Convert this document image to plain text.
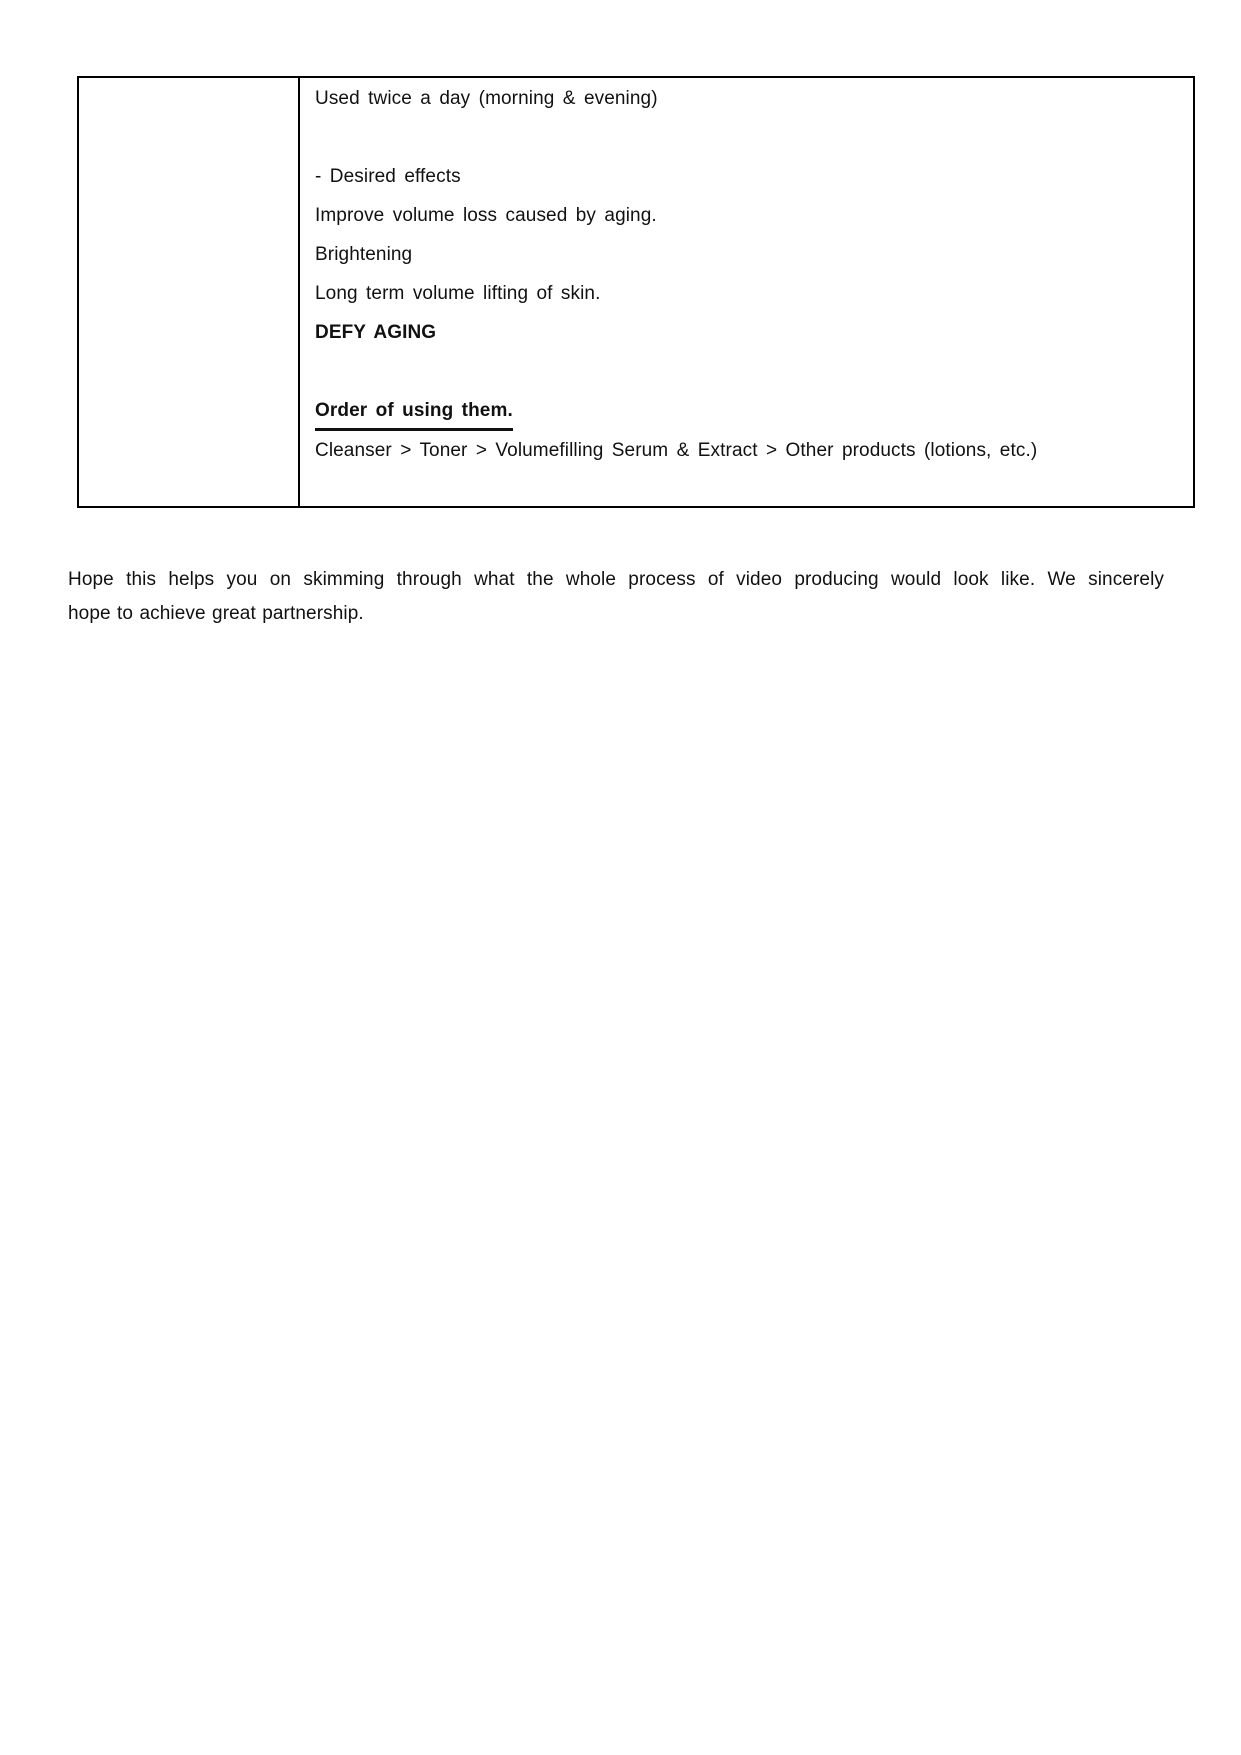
Used twice a day (morning & evening)
- Desired effects
Improve volume loss caused by aging.
Brightening
Long term volume lifting of skin.
DEFY AGING
Order of using them.
Cleanser > Toner > Volumefilling Serum & Extract > Other products (lotions, etc.)
Hope this helps you on skimming through what the whole process of video producing would look like. We sincerely
hope to achieve great partnership.
